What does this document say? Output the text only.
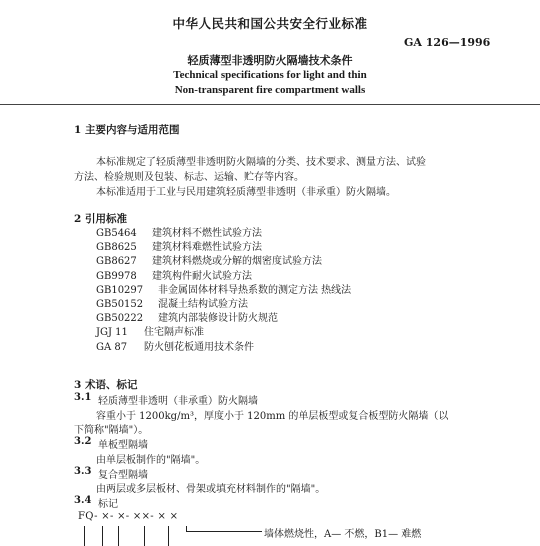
中华人民共和国公共安全行业标准
GA 126—1996
轻质薄型非透明防火隔墙技术条件
Technical specifications for light and thin
Non-transparent fire compartment walls
1 主要内容与适用范围
本标准规定了轻质薄型非透明防火隔墙的分类、技术要求、测量方法、试验
方法、检验规则及包装、标志、运输、贮存等内容。
本标准适用于工业与民用建筑轻质薄型非透明（非承重）防火隔墙。
2 引用标准
GB5464 建筑材料不燃性试验方法
GB8625 建筑材料难燃性试验方法
GB8627 建筑材料燃烧或分解的烟密度试验方法
GB9978 建筑构件耐火试验方法
GB10297 非金属固体材料导热系数的测定方法 热线法
GB50152 混凝土结构试验方法
GB50222 建筑内部装修设计防火规范
JGJ 11 住宅隔声标准
GA 87 防火刨花板通用技术条件
3 术语、标记
3.1 轻质薄型非透明（非承重）防火隔墙
容重小于 1200kg/m³，厚度小于 120mm 的单层板型或复合板型防火隔墙（以
下简称"隔墙"）。
3.2 单板型隔墙
由单层板制作的"隔墙"。
3.3 复合型隔墙
由两层或多层板材、骨架或填充材料制作的"隔墙"。
3.4 标记
FQ- ×- ×- ××- × ×
墙体燃烧性，A— 不燃，B1— 难燃
